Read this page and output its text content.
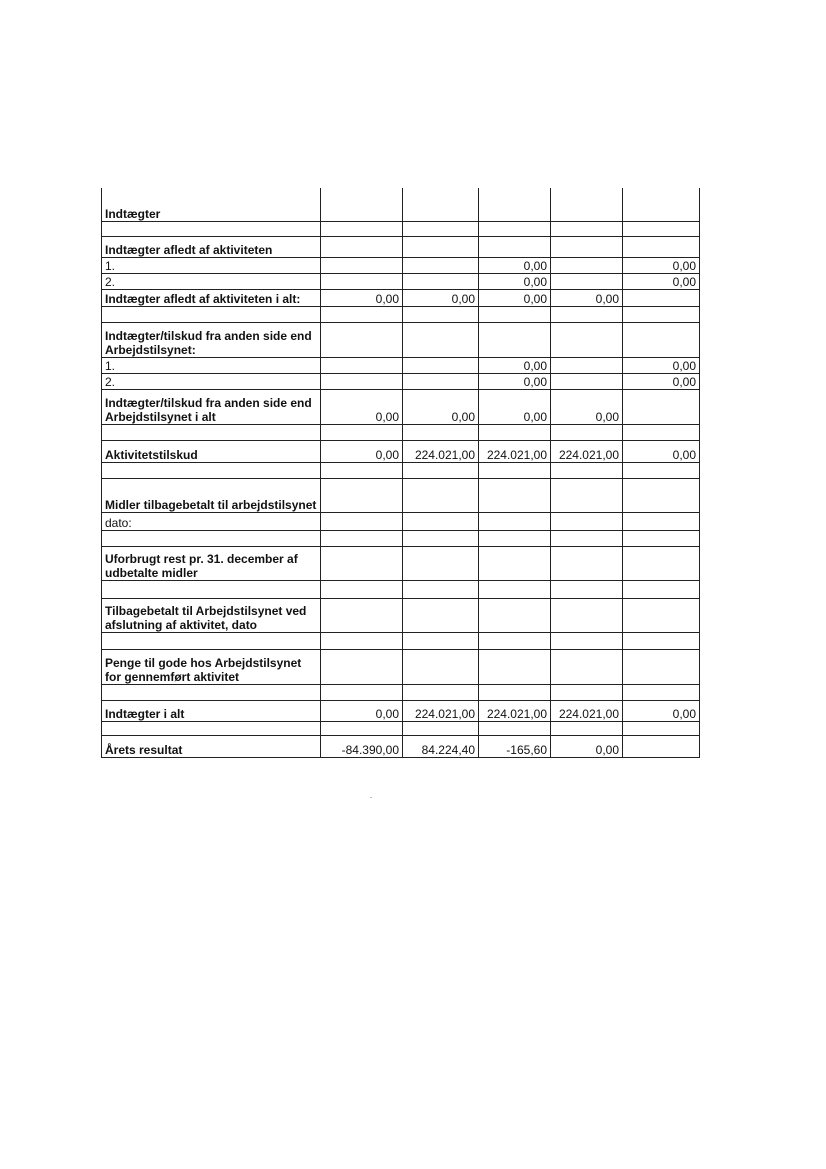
Indtægter					

Indtægter afledt af aktiviteten					
1.			0,00		0,00
2.			0,00		0,00
Indtægter afledt af aktiviteten i alt:	0,00	0,00	0,00	0,00	

Indtægter/tilskud fra anden side end Arbejdstilsynet:					
1.			0,00		0,00
2.			0,00		0,00
Indtægter/tilskud fra anden side end Arbejdstilsynet i alt	0,00	0,00	0,00	0,00	

Aktivitetstilskud	0,00	224.021,00	224.021,00	224.021,00	0,00

Midler tilbagebetalt til arbejdstilsynet					
dato:					

Uforbrugt rest pr. 31. december af udbetalte midler					

Tilbagebetalt til Arbejdstilsynet ved afslutning af aktivitet, dato					

Penge til gode hos Arbejdstilsynet for gennemført aktivitet					

Indtægter i alt	0,00	224.021,00	224.021,00	224.021,00	0,00

Årets resultat	-84.390,00	84.224,40	-165,60	0,00	
